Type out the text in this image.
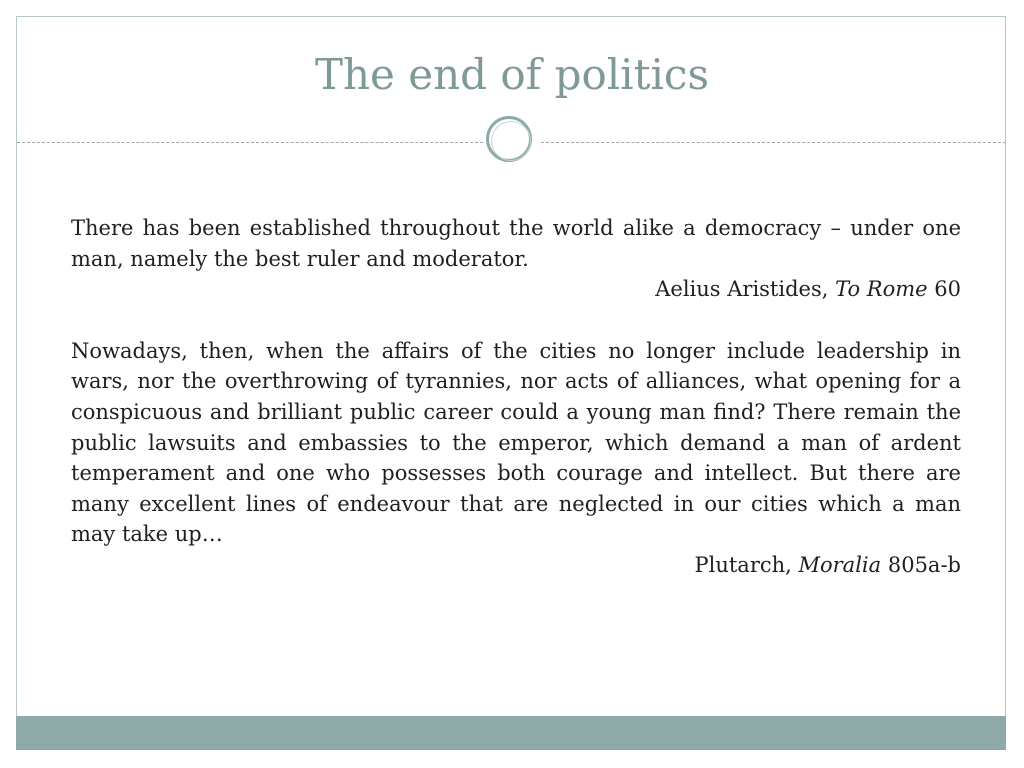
The end of politics

There has been established throughout the world alike a democracy – under one man, namely the best ruler and moderator.

Aelius Aristides, To Rome 60

Nowadays, then, when the affairs of the cities no longer include leadership in wars, nor the overthrowing of tyrannies, nor acts of alliances, what opening for a conspicuous and brilliant public career could a young man find? There remain the public lawsuits and embassies to the emperor, which demand a man of ardent temperament and one who possesses both courage and intellect. But there are many excellent lines of endeavour that are neglected in our cities which a man may take up…

Plutarch, Moralia 805a-b
